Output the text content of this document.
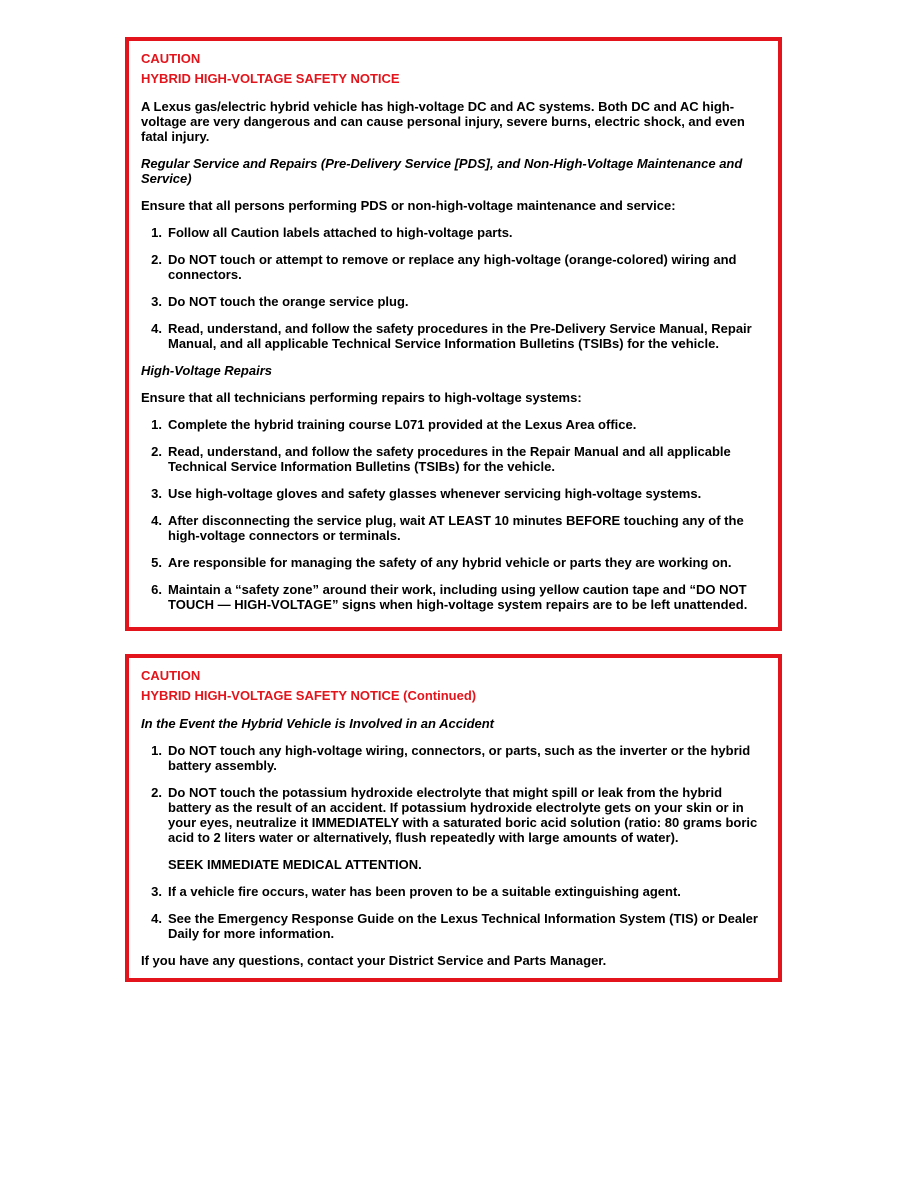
CAUTION
HYBRID HIGH-VOLTAGE SAFETY NOTICE

A Lexus gas/electric hybrid vehicle has high-voltage DC and AC systems. Both DC and AC high-voltage are very dangerous and can cause personal injury, severe burns, electric shock, and even fatal injury.

Regular Service and Repairs (Pre-Delivery Service [PDS], and Non-High-Voltage Maintenance and Service)

Ensure that all persons performing PDS or non-high-voltage maintenance and service:

1. Follow all Caution labels attached to high-voltage parts.
2. Do NOT touch or attempt to remove or replace any high-voltage (orange-colored) wiring and connectors.
3. Do NOT touch the orange service plug.
4. Read, understand, and follow the safety procedures in the Pre-Delivery Service Manual, Repair Manual, and all applicable Technical Service Information Bulletins (TSIBs) for the vehicle.

High-Voltage Repairs

Ensure that all technicians performing repairs to high-voltage systems:

1. Complete the hybrid training course L071 provided at the Lexus Area office.
2. Read, understand, and follow the safety procedures in the Repair Manual and all applicable Technical Service Information Bulletins (TSIBs) for the vehicle.
3. Use high-voltage gloves and safety glasses whenever servicing high-voltage systems.
4. After disconnecting the service plug, wait AT LEAST 10 minutes BEFORE touching any of the high-voltage connectors or terminals.
5. Are responsible for managing the safety of any hybrid vehicle or parts they are working on.
6. Maintain a “safety zone” around their work, including using yellow caution tape and “DO NOT TOUCH — HIGH-VOLTAGE” signs when high-voltage system repairs are to be left unattended.
CAUTION
HYBRID HIGH-VOLTAGE SAFETY NOTICE (Continued)

In the Event the Hybrid Vehicle is Involved in an Accident

1. Do NOT touch any high-voltage wiring, connectors, or parts, such as the inverter or the hybrid battery assembly.
2. Do NOT touch the potassium hydroxide electrolyte that might spill or leak from the hybrid battery as the result of an accident. If potassium hydroxide electrolyte gets on your skin or in your eyes, neutralize it IMMEDIATELY with a saturated boric acid solution (ratio: 80 grams boric acid to 2 liters water or alternatively, flush repeatedly with large amounts of water).

SEEK IMMEDIATE MEDICAL ATTENTION.

3. If a vehicle fire occurs, water has been proven to be a suitable extinguishing agent.
4. See the Emergency Response Guide on the Lexus Technical Information System (TIS) or Dealer Daily for more information.

If you have any questions, contact your District Service and Parts Manager.
